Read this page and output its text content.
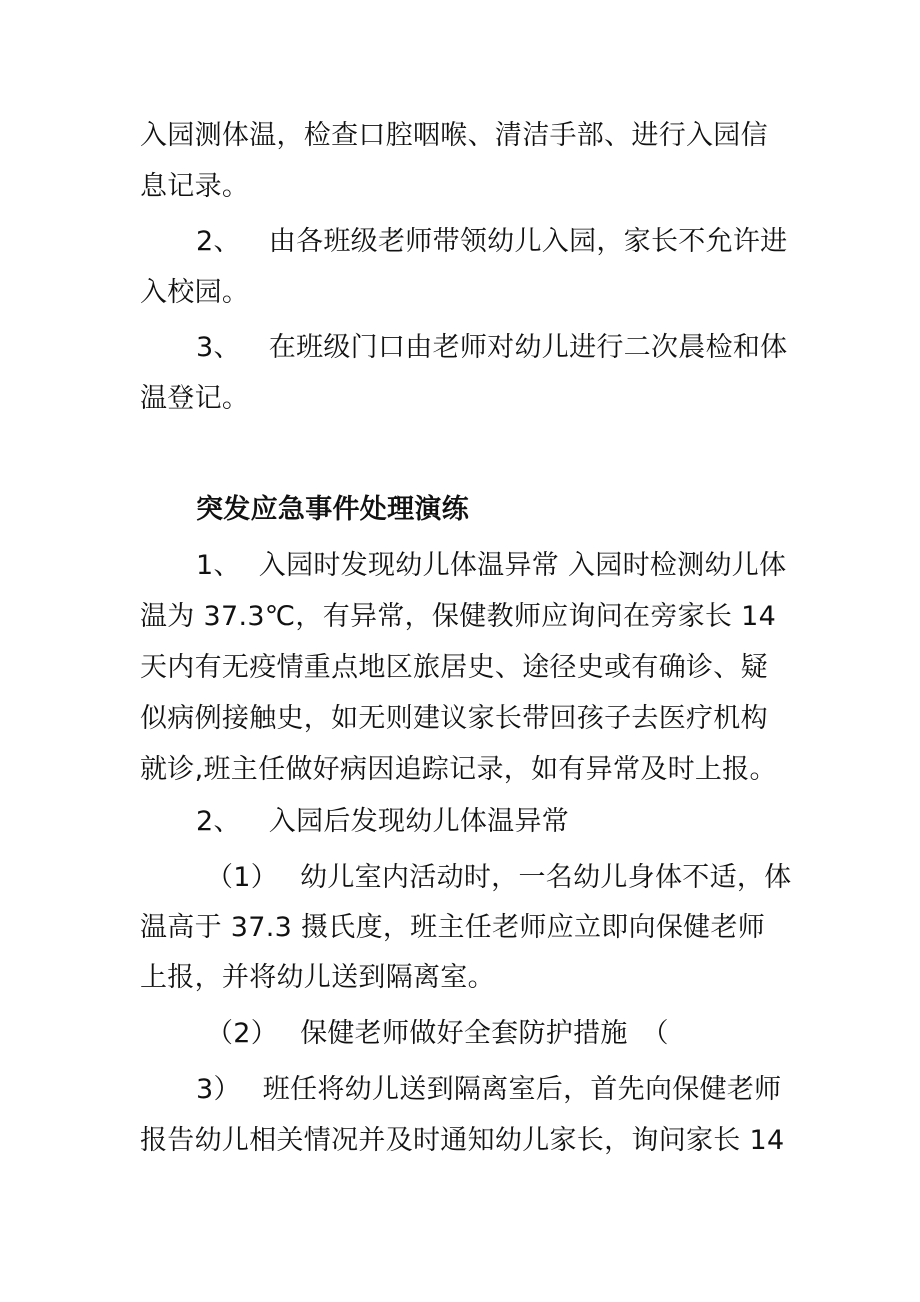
入园测体温，检查口腔咽喉、清洁手部、进行入园信
息记录。
2、 由各班级老师带领幼儿入园，家长不允许进
入校园。
3、 在班级门口由老师对幼儿进行二次晨检和体
温登记。
突发应急事件处理演练
1、 入园时发现幼儿体温异常 入园时检测幼儿体
温为 37.3℃，有异常，保健教师应询问在旁家长 14
天内有无疫情重点地区旅居史、途径史或有确诊、疑
似病例接触史，如无则建议家长带回孩子去医疗机构
就诊,班主任做好病因追踪记录，如有异常及时上报。
2、 入园后发现幼儿体温异常
（1） 幼儿室内活动时，一名幼儿身体不适，体
温高于 37.3 摄氏度，班主任老师应立即向保健老师
上报，并将幼儿送到隔离室。
（2） 保健老师做好全套防护措施　（
3） 班任将幼儿送到隔离室后，首先向保健老师
报告幼儿相关情况并及时通知幼儿家长，询问家长 14
